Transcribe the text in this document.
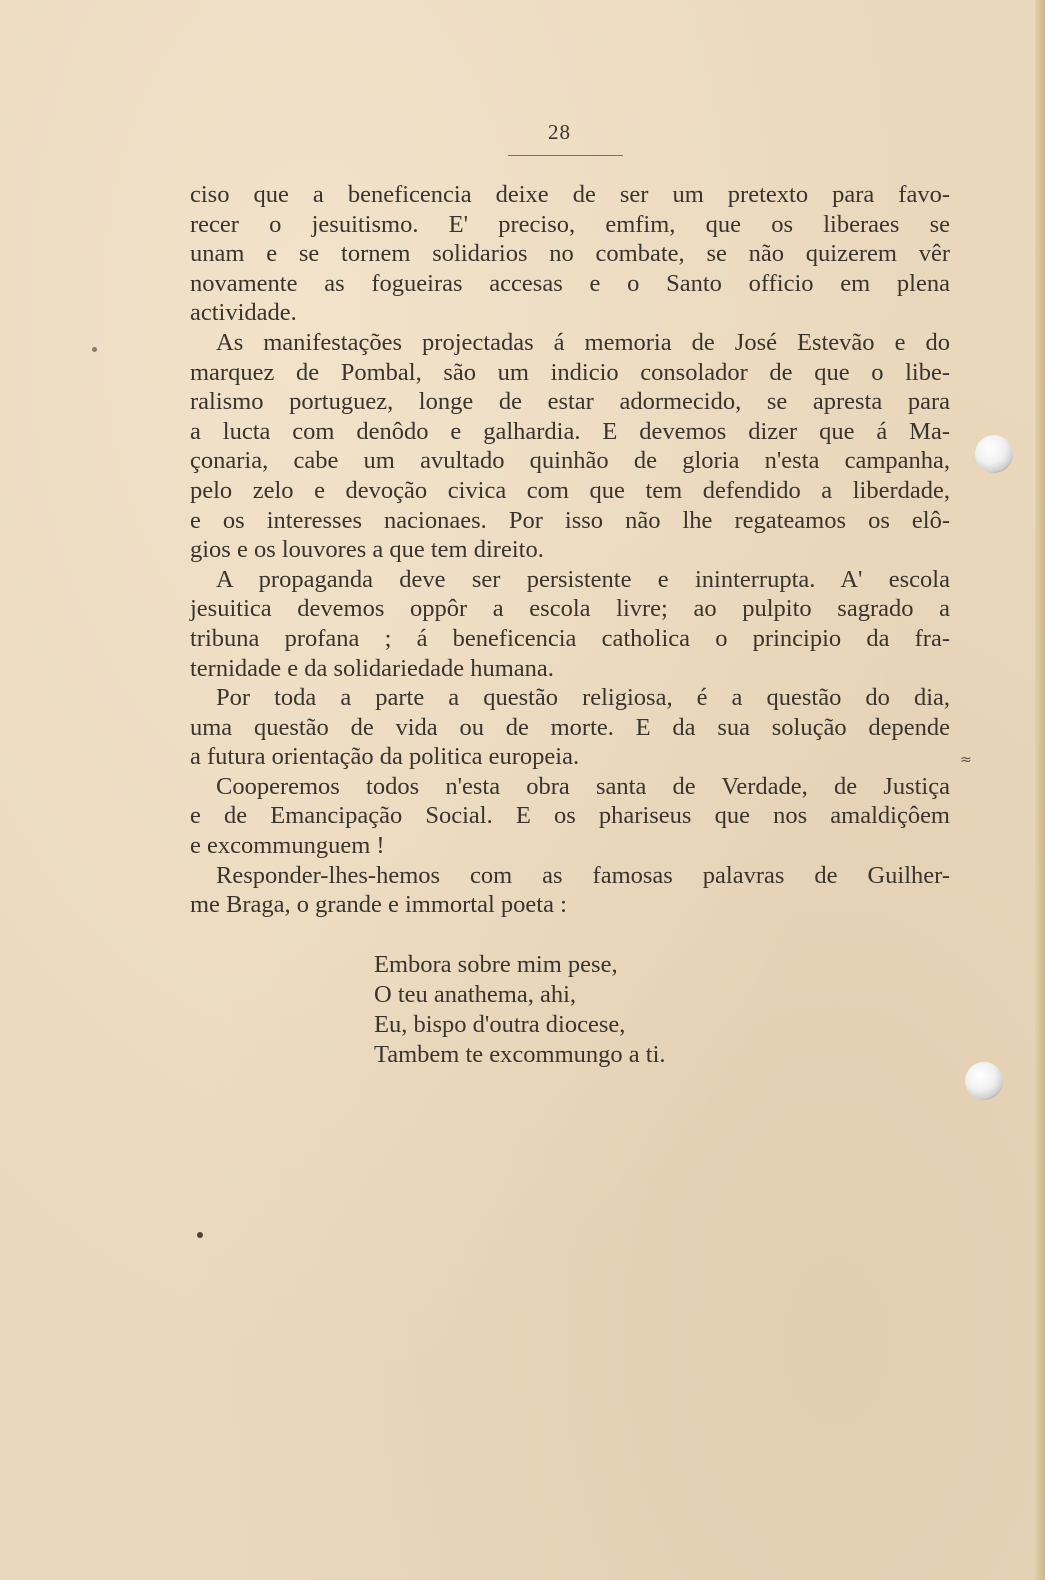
28
ciso que a beneficencia deixe de ser um pretexto para favo-
recer o jesuitismo. E' preciso, emfim, que os liberaes se
unam e se tornem solidarios no combate, se não quizerem vêr
novamente as fogueiras accesas e o Santo officio em plena
actividade.
As manifestações projectadas á memoria de José Estevão e do
marquez de Pombal, são um indicio consolador de que o libe-
ralismo portuguez, longe de estar adormecido, se apresta para
a lucta com denôdo e galhardia. E devemos dizer que á Ma-
çonaria, cabe um avultado quinhão de gloria n'esta campanha,
pelo zelo e devoção civica com que tem defendido a liberdade,
e os interesses nacionaes. Por isso não lhe regateamos os elô-
gios e os louvores a que tem direito.
A propaganda deve ser persistente e ininterrupta. A' escola
jesuitica devemos oppôr a escola livre; ao pulpito sagrado a
tribuna profana ; á beneficencia catholica o principio da fra-
ternidade e da solidariedade humana.
Por toda a parte a questão religiosa, é a questão do dia,
uma questão de vida ou de morte. E da sua solução depende
a futura orientação da politica europeia.
Cooperemos todos n'esta obra santa de Verdade, de Justiça
e de Emancipação Social. E os phariseus que nos amaldiçôem
e excommunguem !
Responder-lhes-hemos com as famosas palavras de Guilher-
me Braga, o grande e immortal poeta :
Embora sobre mim pese,
O teu anathema, ahi,
Eu, bispo d'outra diocese,
Tambem te excommungo a ti.
≈
